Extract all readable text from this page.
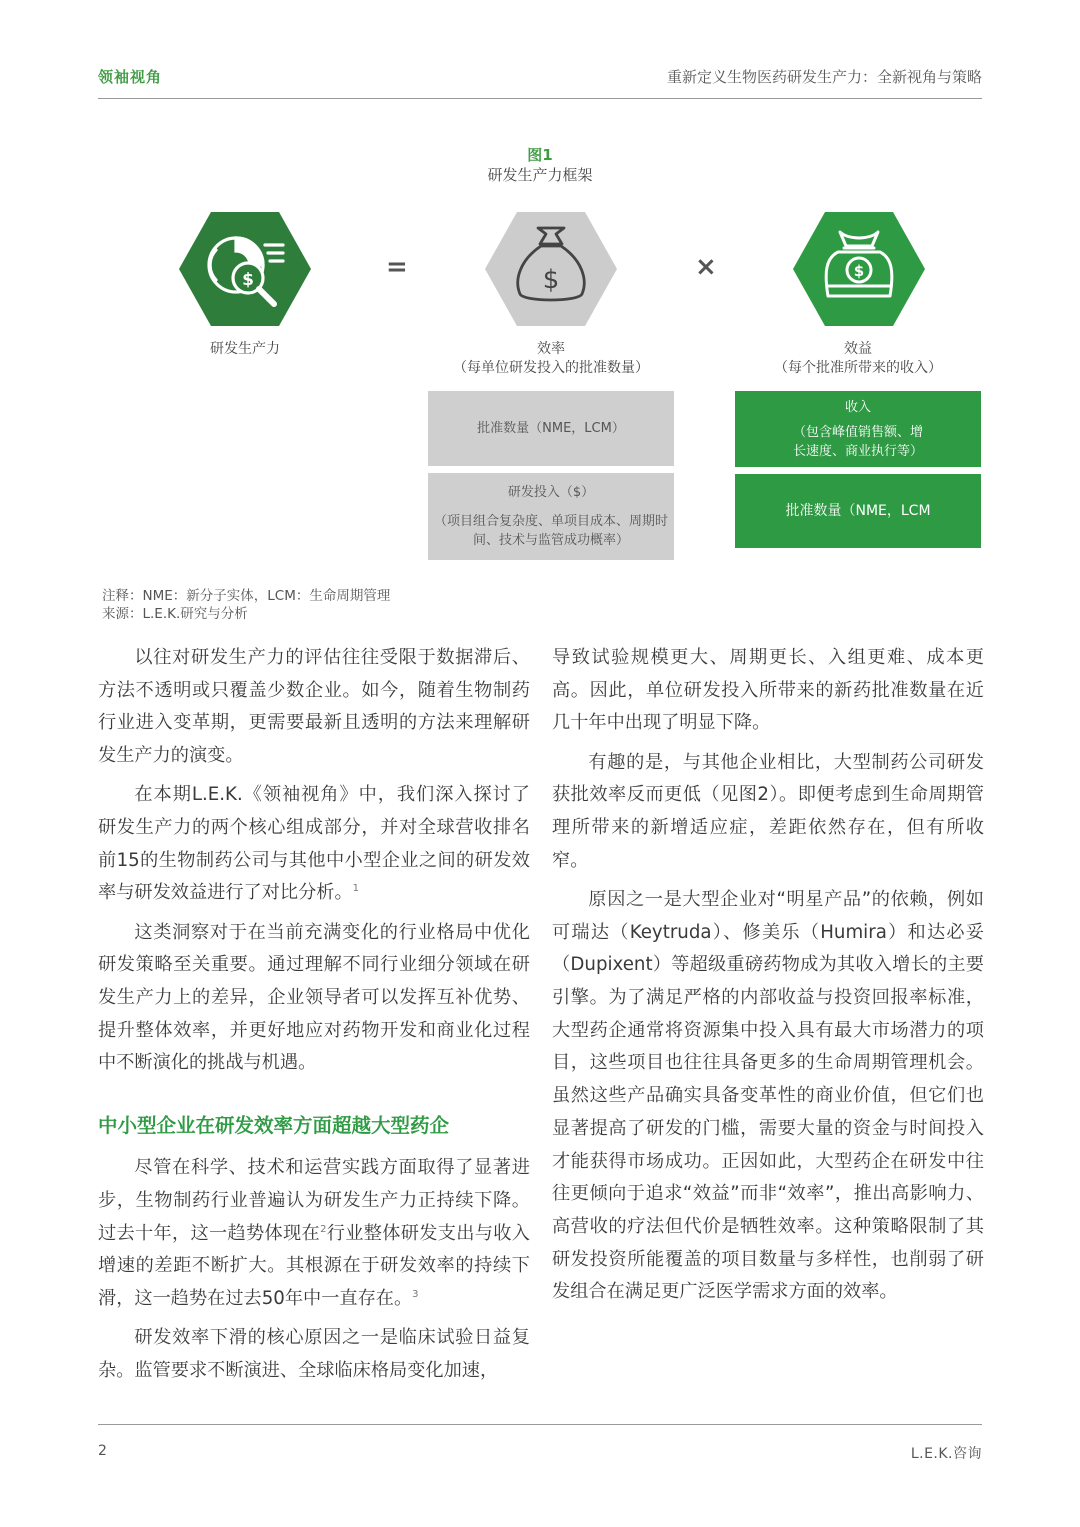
领袖视角	重新定义生物医药研发生产力：全新视角与策略
图1
研发生产力框架
$	=	$	×	$
研发生产力	效率
（每单位研发投入的批准数量）
效益
（每个批准所带来的收入）
批准数量（NME，LCM）
研发投入（$）
（项目组合复杂度、单项目成本、周期时
间、技术与监管成功概率）
收入
（包含峰值销售额、增
长速度、商业执行等）
批准数量（NME，LCM
注释：NME：新分子实体，LCM：生命周期管理
来源：L.E.K.研究与分析

以往对研发生产力的评估往往受限于数据滞后、方法不透明或只覆盖少数企业。如今，随着生物制药行业进入变革期，更需要最新且透明的方法来理解研发生产力的演变。

在本期L.E.K.《领袖视角》中，我们深入探讨了研发生产力的两个核心组成部分，并对全球营收排名前15的生物制药公司与其他中小型企业之间的研发效率与研发效益进行了对比分析。$^1$

这类洞察对于在当前充满变化的行业格局中优化研发策略至关重要。通过理解不同行业细分领域在研发生产力上的差异，企业领导者可以发挥互补优势、提升整体效率，并更好地应对药物开发和商业化过程中不断演化的挑战与机遇。

中小型企业在研发效率方面超越大型药企

尽管在科学、技术和运营实践方面取得了显著进步，生物制药行业普遍认为研发生产力正持续下降。过去十年，这一趋势体现在$^2$行业整体研发支出与收入增速的差距不断扩大。其根源在于研发效率的持续下滑，这一趋势在过去50年中一直存在。$^3$

研发效率下滑的核心原因之一是临床试验日益复杂。监管要求不断演进、全球临床格局变化加速，

导致试验规模更大、周期更长、入组更难、成本更高。因此，单位研发投入所带来的新药批准数量在近几十年中出现了明显下降。

有趣的是，与其他企业相比，大型制药公司研发获批效率反而更低（见图2）。即便考虑到生命周期管理所带来的新增适应症，差距依然存在，但有所收窄。

原因之一是大型企业对“明星产品”的依赖，例如可瑞达（Keytruda）、修美乐（Humira）和达必妥（Dupixent）等超级重磅药物成为其收入增长的主要引擎。为了满足严格的内部收益与投资回报率标准，大型药企通常将资源集中投入具有最大市场潜力的项目，这些项目也往往具备更多的生命周期管理机会。虽然这些产品确实具备变革性的商业价值，但它们也显著提高了研发的门槛，需要大量的资金与时间投入才能获得市场成功。正因如此，大型药企在研发中往往更倾向于追求“效益”而非“效率”，推出高影响力、高营收的疗法但代价是牺牲效率。这种策略限制了其研发投资所能覆盖的项目数量与多样性，也削弱了研发组合在满足更广泛医学需求方面的效率。

2	L.E.K.咨询
